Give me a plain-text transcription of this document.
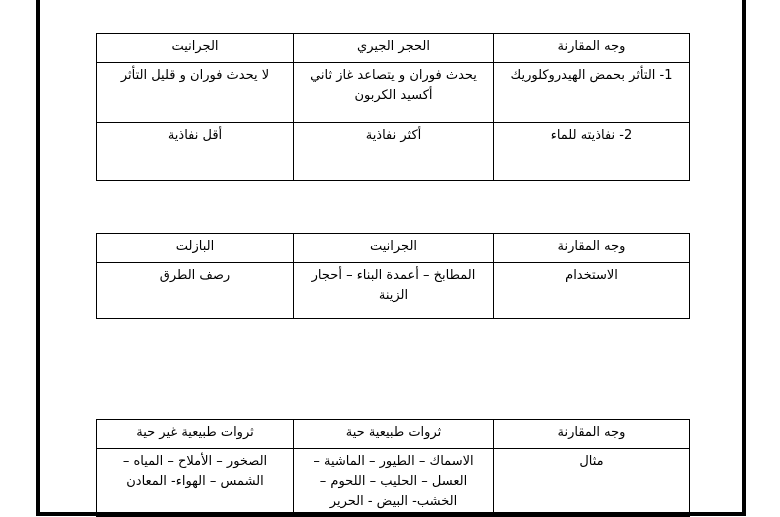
وجه المقارنة	الحجر الجيري	الجرانيت
1- التأثر بحمض الهيدروكلوريك	يحدث فوران و يتصاعد غاز ثاني أكسيد الكربون	لا يحدث فوران و قليل التأثر
2- نفاذيته للماء	أكثر نفاذية	أقل نفاذية
وجه المقارنة	الجرانيت	البازلت
الاستخدام	المطابخ – أعمدة البناء – أحجار الزينة	رصف الطرق
وجه المقارنة	ثروات طبيعية حية	ثروات طبيعية غير حية
مثال	الاسماك – الطيور – الماشية – العسل – الحليب – اللحوم – الخشب- البيض - الحرير	الصخور – الأملاح – المياه – الشمس – الهواء- المعادن
